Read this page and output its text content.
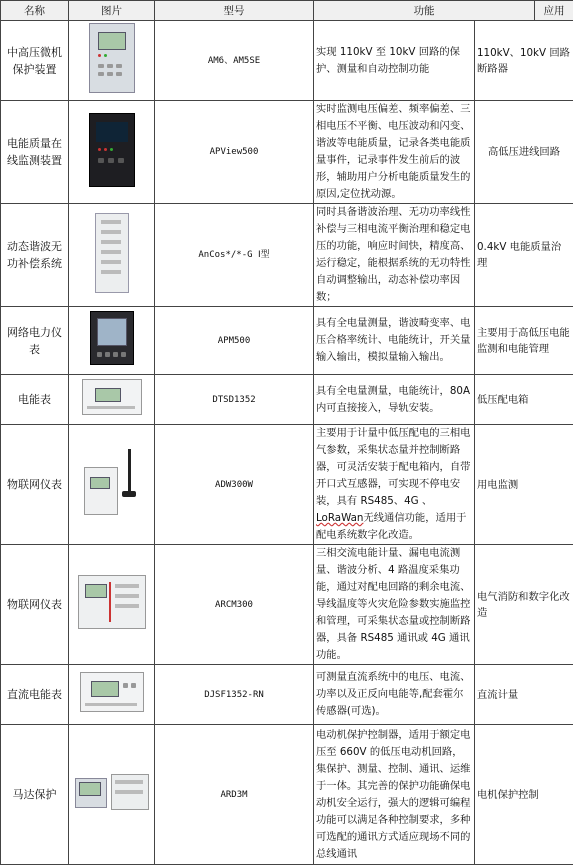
名称	图片	型号	功能	应用
中高压微机保护装置		AM6、AM5SE	实现 110kV 至 10kV 回路的保护、测量和自动控制功能	110kV、10kV 回路断路器
电能质量在线监测装置		APView500	实时监测电压偏差、频率偏差、三相电压不平衡、电压波动和闪变、谐波等电能质量，记录各类电能质量事件，记录事件发生前后的波形，辅助用户分析电能质量发生的原因,定位扰动源。	高低压进线回路
动态谐波无功补偿系统		AnCos*/*-G Ⅰ型	同时具备谐波治理、无功功率线性补偿与三相电流平衡治理和稳定电压的功能，响应时间快，精度高、运行稳定，能根据系统的无功特性自动调整输出，动态补偿功率因数；	0.4kV 电能质量治理
网络电力仪表		APM500	具有全电量测量，谐波畸变率、电压合格率统计、电能统计，开关量输入输出，模拟量输入输出。	主要用于高低压电能监测和电能管理
电能表		DTSD1352	具有全电量测量，电能统计，80A 内可直接接入，导轨安装。	低压配电箱
物联网仪表		ADW300W	主要用于计量中低压配电的三相电气参数，采集状态量并控制断路器，可灵活安装于配电箱内，自带开口式互感器，可实现不停电安装，具有 RS485、4G 、LoRaWan无线通信功能，适用于配电系统数字化改造。	用电监测
物联网仪表		ARCM300	三相交流电能计量、漏电电流测量、谐波分析、4 路温度采集功能，通过对配电回路的剩余电流、导线温度等火灾危险参数实施监控和管理，可采集状态量或控制断路器，具备 RS485 通讯或 4G 通讯功能。	电气消防和数字化改造
直流电能表		DJSF1352-RN	可测量直流系统中的电压、电流、功率以及正反向电能等,配套霍尔传感器(可选)。	直流计量
马达保护		ARD3M	电动机保护控制器，适用于额定电压至 660V 的低压电动机回路，集保护、测量、控制、通讯、运维于一体。其完善的保护功能确保电动机安全运行，强大的逻辑可编程功能可以满足各种控制要求，多种可选配的通讯方式适应现场不同的总线通讯	电机保护控制
